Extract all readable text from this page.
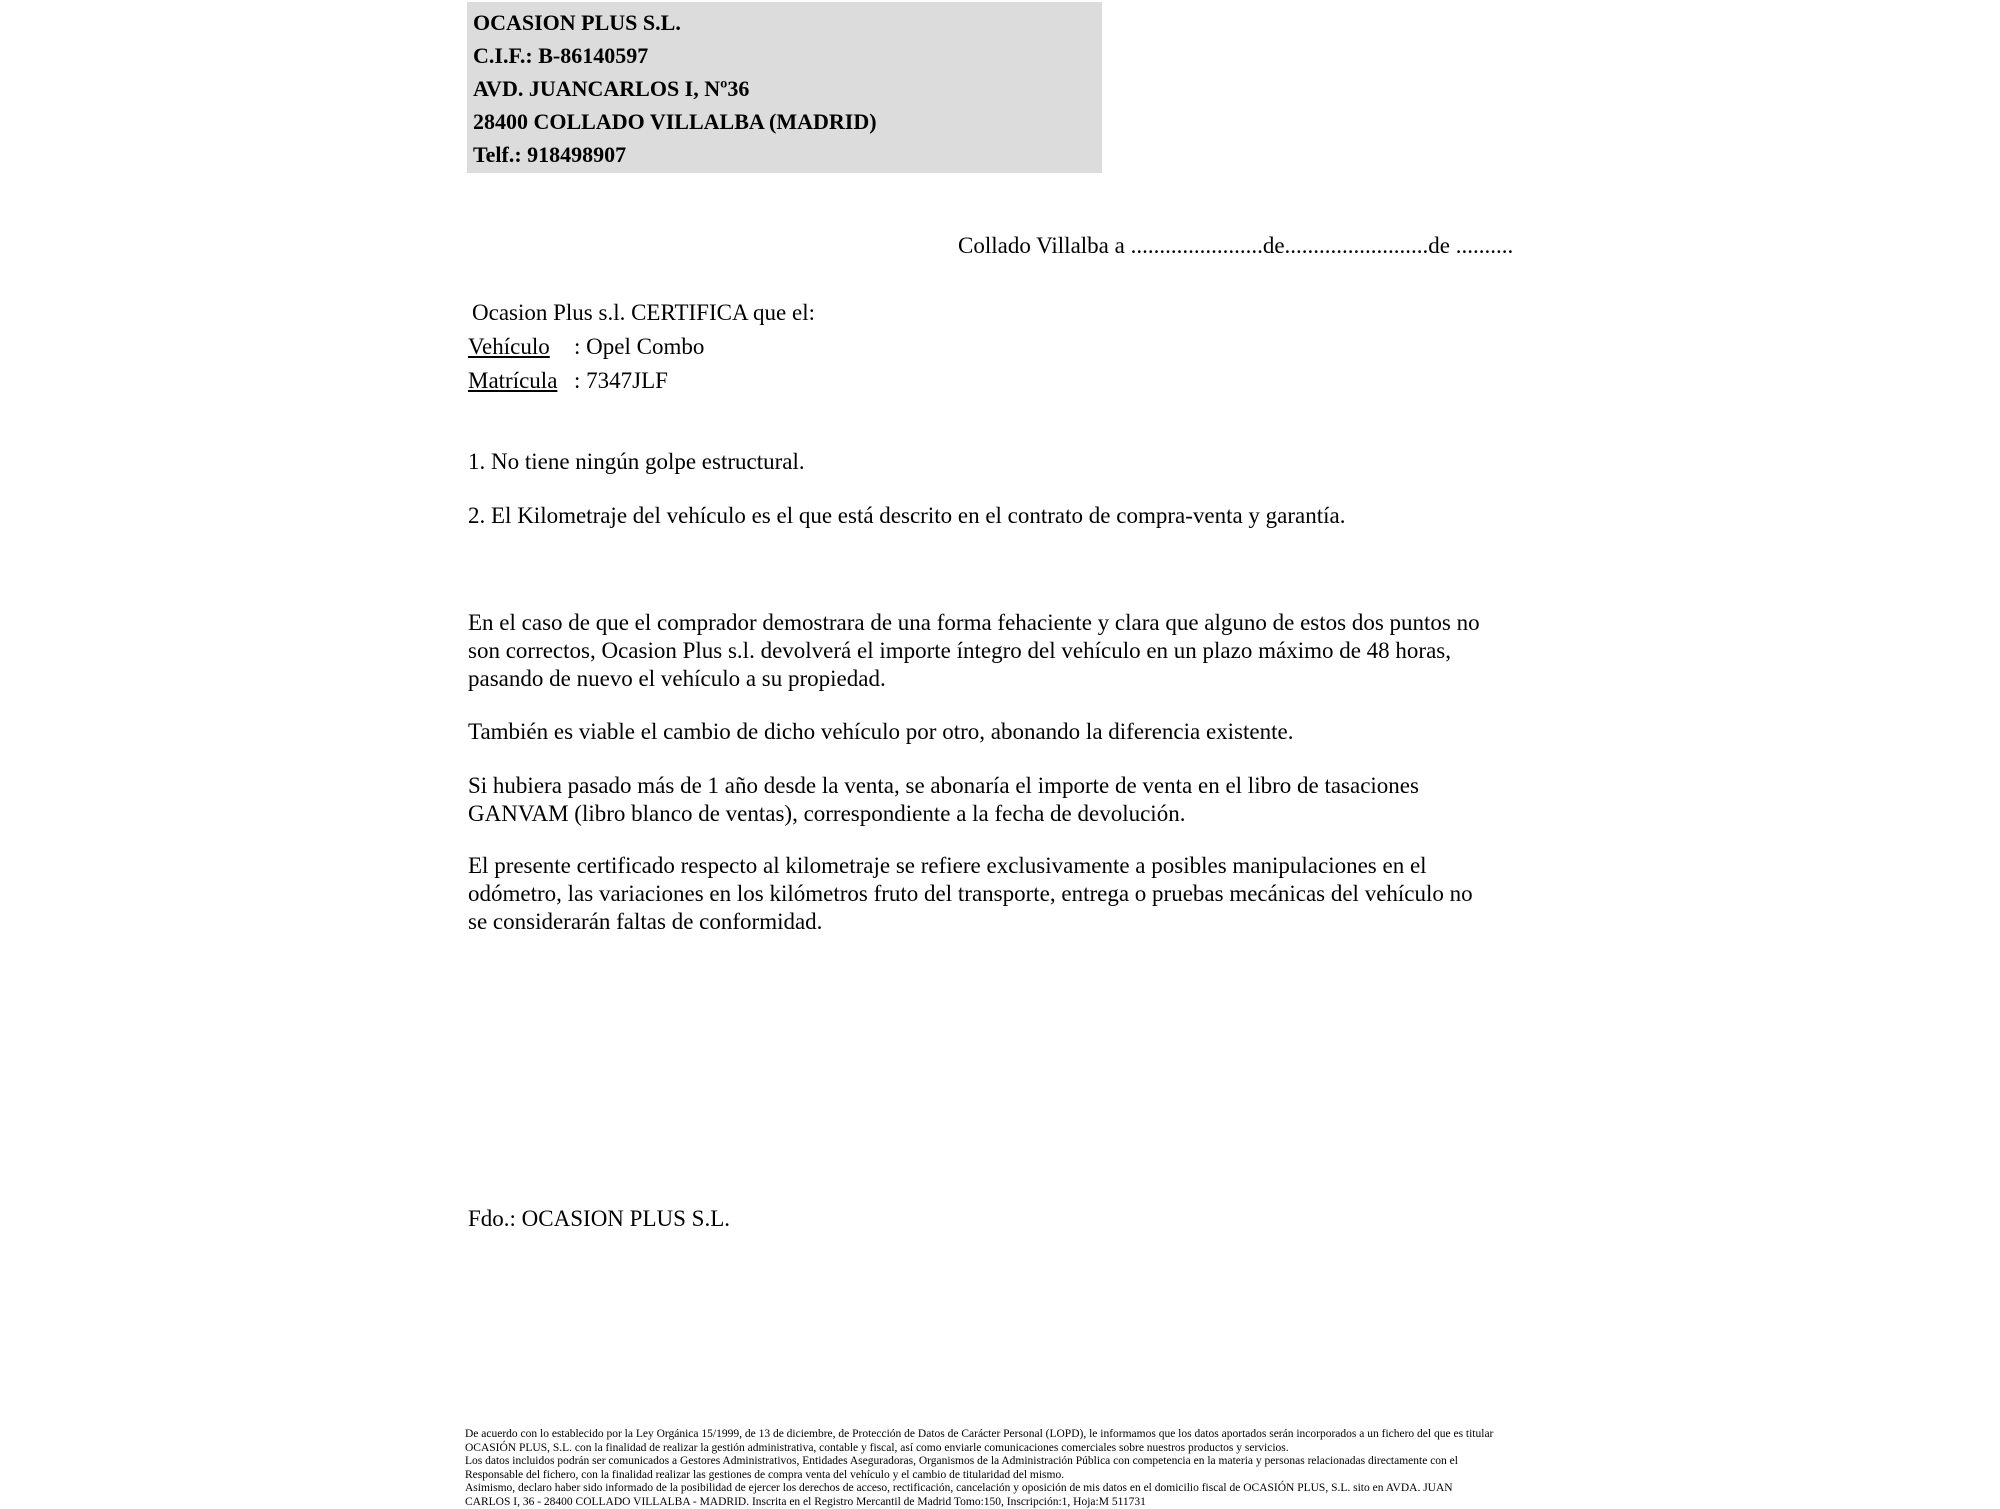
OCASION PLUS S.L.
C.I.F.: B-86140597
AVD. JUANCARLOS I, Nº36
28400 COLLADO VILLALBA (MADRID)
Telf.: 918498907
Collado Villalba a .......................de.........................de ..........
Ocasion Plus s.l. CERTIFICA que el:
Vehículo : Opel Combo
Matrícula : 7347JLF
1. No tiene ningún golpe estructural.
2. El Kilometraje del vehículo es el que está descrito en el contrato de compra-venta y garantía.
En el caso de que el comprador demostrara de una forma fehaciente y clara que alguno de estos dos puntos no
son correctos, Ocasion Plus s.l. devolverá el importe íntegro del vehículo en un plazo máximo de 48 horas,
pasando de nuevo el vehículo a su propiedad.
También es viable el cambio de dicho vehículo por otro, abonando la diferencia existente.
Si hubiera pasado más de 1 año desde la venta, se abonaría el importe de venta en el libro de tasaciones
GANVAM (libro blanco de ventas), correspondiente a la fecha de devolución.
El presente certificado respecto al kilometraje se refiere exclusivamente a posibles manipulaciones en el
odómetro, las variaciones en los kilómetros fruto del transporte, entrega o pruebas mecánicas del vehículo no
se considerarán faltas de conformidad.
Fdo.: OCASION PLUS S.L.
De acuerdo con lo establecido por la Ley Orgánica 15/1999, de 13 de diciembre, de Protección de Datos de Carácter Personal (LOPD), le informamos que los datos aportados serán incorporados a un fichero del que es titular
OCASIÓN PLUS, S.L. con la finalidad de realizar la gestión administrativa, contable y fiscal, así como enviarle comunicaciones comerciales sobre nuestros productos y servicios.
Los datos incluidos podrán ser comunicados a Gestores Administrativos, Entidades Aseguradoras, Organismos de la Administración Pública con competencia en la materia y personas relacionadas directamente con el
Responsable del fichero, con la finalidad realizar las gestiones de compra venta del vehículo y el cambio de titularidad del mismo.
Asimismo, declaro haber sido informado de la posibilidad de ejercer los derechos de acceso, rectificación, cancelación y oposición de mis datos en el domicilio fiscal de OCASIÓN PLUS, S.L. sito en AVDA. JUAN
CARLOS I, 36 - 28400 COLLADO VILLALBA - MADRID. Inscrita en el Registro Mercantil de Madrid Tomo:150, Inscripción:1, Hoja:M 511731
